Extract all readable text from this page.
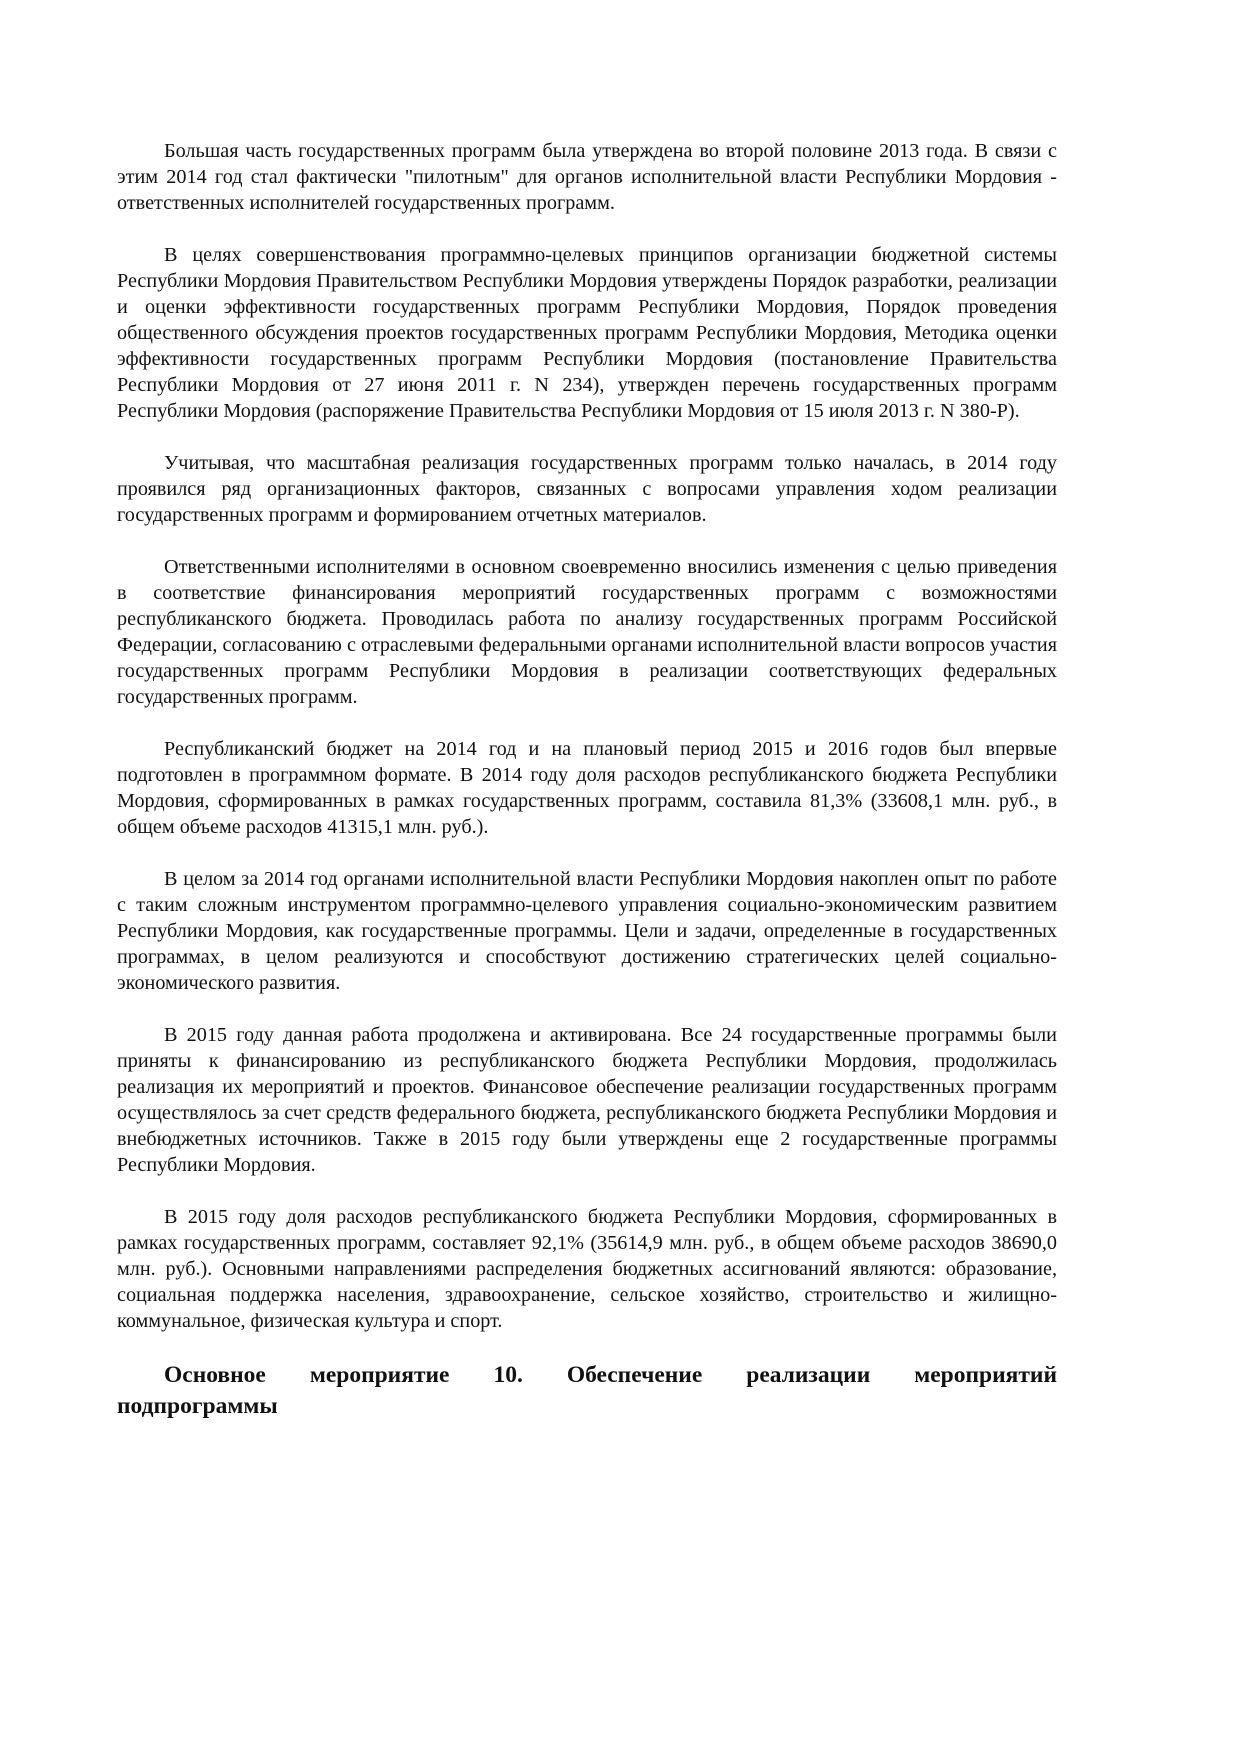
Большая часть государственных программ была утверждена во второй половине 2013 года. В связи с этим 2014 год стал фактически "пилотным" для органов исполнительной власти Республики Мордовия - ответственных исполнителей государственных программ.

В целях совершенствования программно-целевых принципов организации бюджетной системы Республики Мордовия Правительством Республики Мордовия утверждены Порядок разработки, реализации и оценки эффективности государственных программ Республики Мордовия, Порядок проведения общественного обсуждения проектов государственных программ Республики Мордовия, Методика оценки эффективности государственных программ Республики Мордовия (постановление Правительства Республики Мордовия от 27 июня 2011 г. N 234), утвержден перечень государственных программ Республики Мордовия (распоряжение Правительства Республики Мордовия от 15 июля 2013 г. N 380-Р).

Учитывая, что масштабная реализация государственных программ только началась, в 2014 году проявился ряд организационных факторов, связанных с вопросами управления ходом реализации государственных программ и формированием отчетных материалов.

Ответственными исполнителями в основном своевременно вносились изменения с целью приведения в соответствие финансирования мероприятий государственных программ с возможностями республиканского бюджета. Проводилась работа по анализу государственных программ Российской Федерации, согласованию с отраслевыми федеральными органами исполнительной власти вопросов участия государственных программ Республики Мордовия в реализации соответствующих федеральных государственных программ.

Республиканский бюджет на 2014 год и на плановый период 2015 и 2016 годов был впервые подготовлен в программном формате. В 2014 году доля расходов республиканского бюджета Республики Мордовия, сформированных в рамках государственных программ, составила 81,3% (33608,1 млн. руб., в общем объеме расходов 41315,1 млн. руб.).

В целом за 2014 год органами исполнительной власти Республики Мордовия накоплен опыт по работе с таким сложным инструментом программно-целевого управления социально-экономическим развитием Республики Мордовия, как государственные программы. Цели и задачи, определенные в государственных программах, в целом реализуются и способствуют достижению стратегических целей социально-экономического развития.

В 2015 году данная работа продолжена и активирована. Все 24 государственные программы были приняты к финансированию из республиканского бюджета Республики Мордовия, продолжилась реализация их мероприятий и проектов. Финансовое обеспечение реализации государственных программ осуществлялось за счет средств федерального бюджета, республиканского бюджета Республики Мордовия и внебюджетных источников. Также в 2015 году были утверждены еще 2 государственные программы Республики Мордовия.

В 2015 году доля расходов республиканского бюджета Республики Мордовия, сформированных в рамках государственных программ, составляет 92,1% (35614,9 млн. руб., в общем объеме расходов 38690,0 млн. руб.). Основными направлениями распределения бюджетных ассигнований являются: образование, социальная поддержка населения, здравоохранение, сельское хозяйство, строительство и жилищно-коммунальное, физическая культура и спорт.

Основное мероприятие 10. Обеспечение реализации мероприятий подпрограммы
